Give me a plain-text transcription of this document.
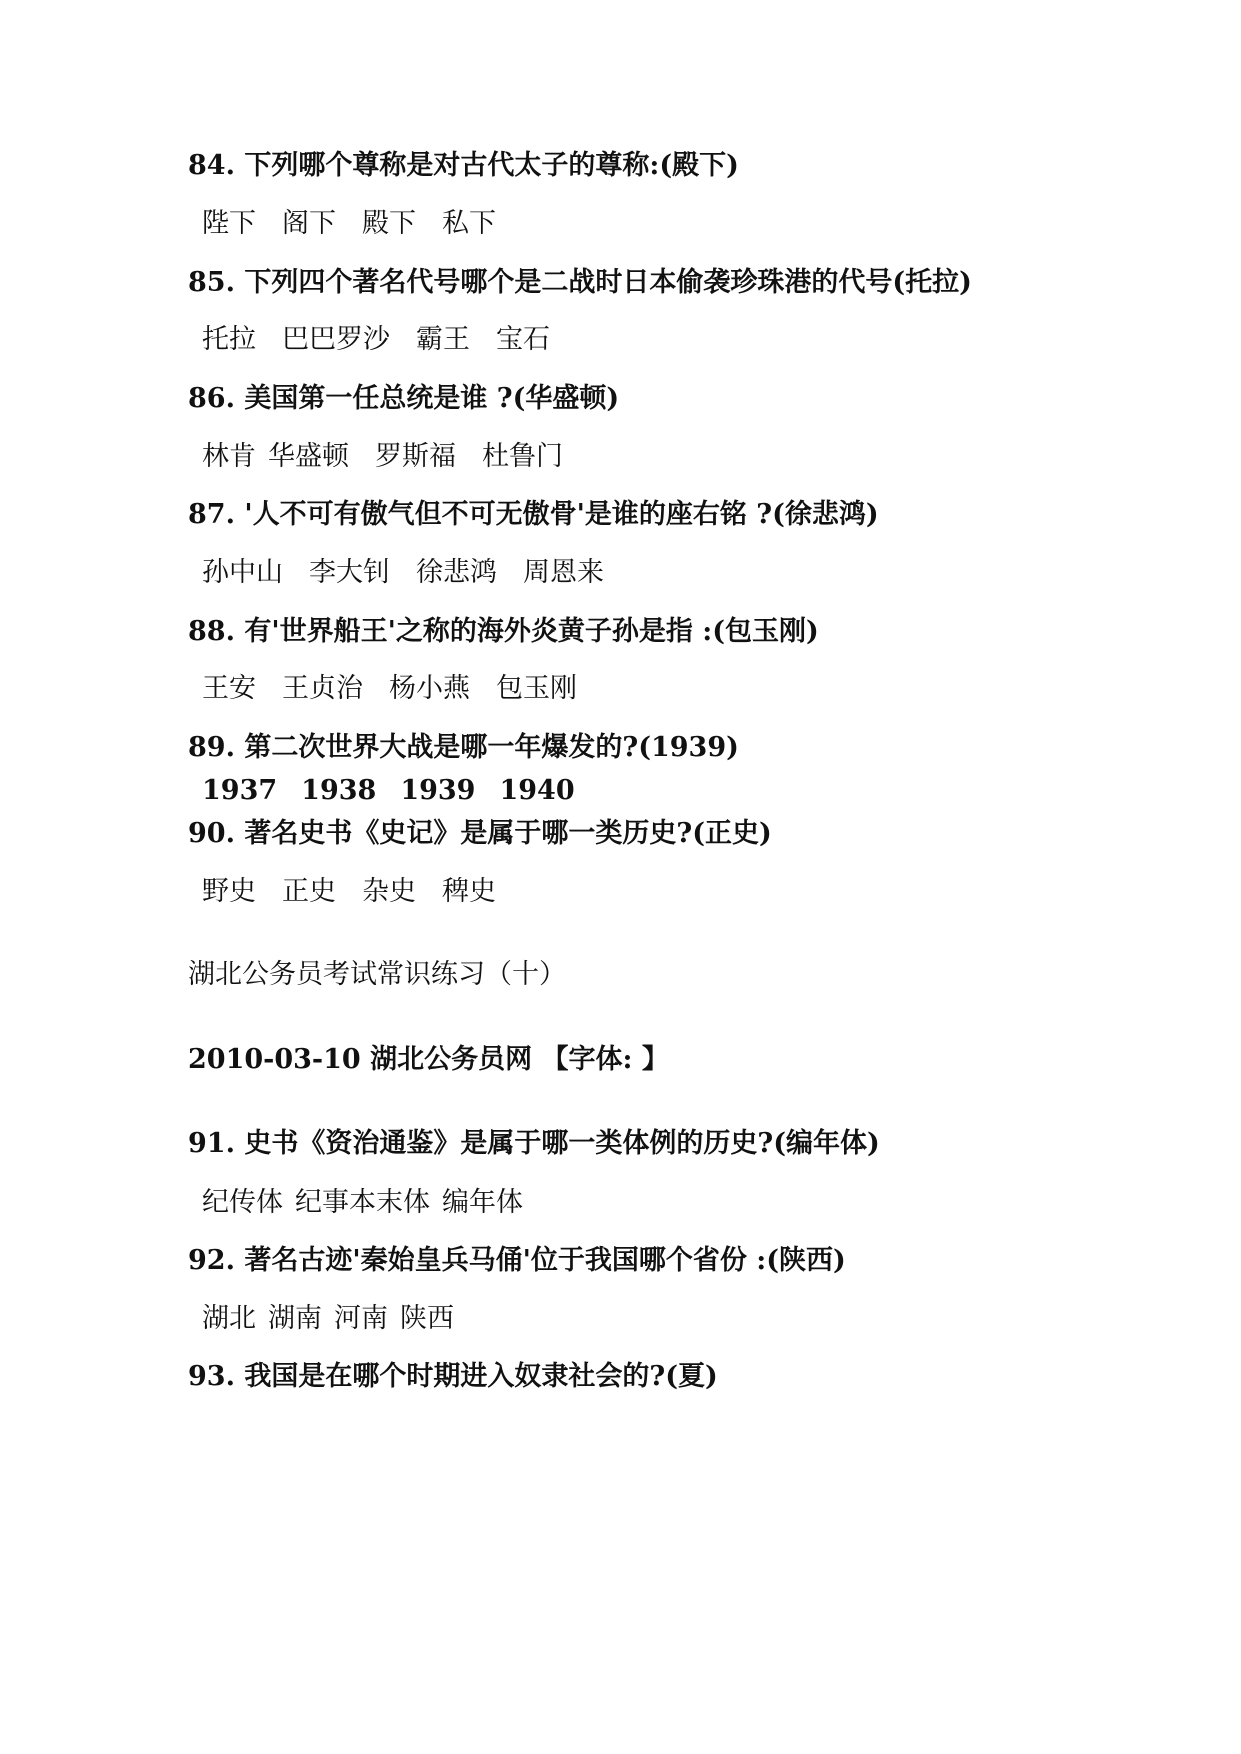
84. 下列哪个尊称是对古代太子的尊称:(殿下)
陛下 阁下 殿下 私下
85. 下列四个著名代号哪个是二战时日本偷袭珍珠港的代号(托拉)
托拉 巴巴罗沙 霸王 宝石
86. 美国第一任总统是谁 ?(华盛顿)
林肯 华盛顿 罗斯福 杜鲁门
87. '人不可有傲气但不可无傲骨'是谁的座右铭 ?(徐悲鸿)
孙中山 李大钊 徐悲鸿 周恩来
88. 有'世界船王'之称的海外炎黄子孙是指 :(包玉刚)
王安 王贞治 杨小燕 包玉刚
89. 第二次世界大战是哪一年爆发的?(1939)
1937 1938 1939 1940
90. 著名史书《史记》是属于哪一类历史?(正史)
野史 正史 杂史 稗史
湖北公务员考试常识练习（十）
2010-03-10 湖北公务员网 【字体: 】
91. 史书《资治通鉴》是属于哪一类体例的历史?(编年体)
纪传体 纪事本末体 编年体
92. 著名古迹'秦始皇兵马俑'位于我国哪个省份 :(陕西)
湖北 湖南 河南 陕西
93. 我国是在哪个时期进入奴隶社会的?(夏)
